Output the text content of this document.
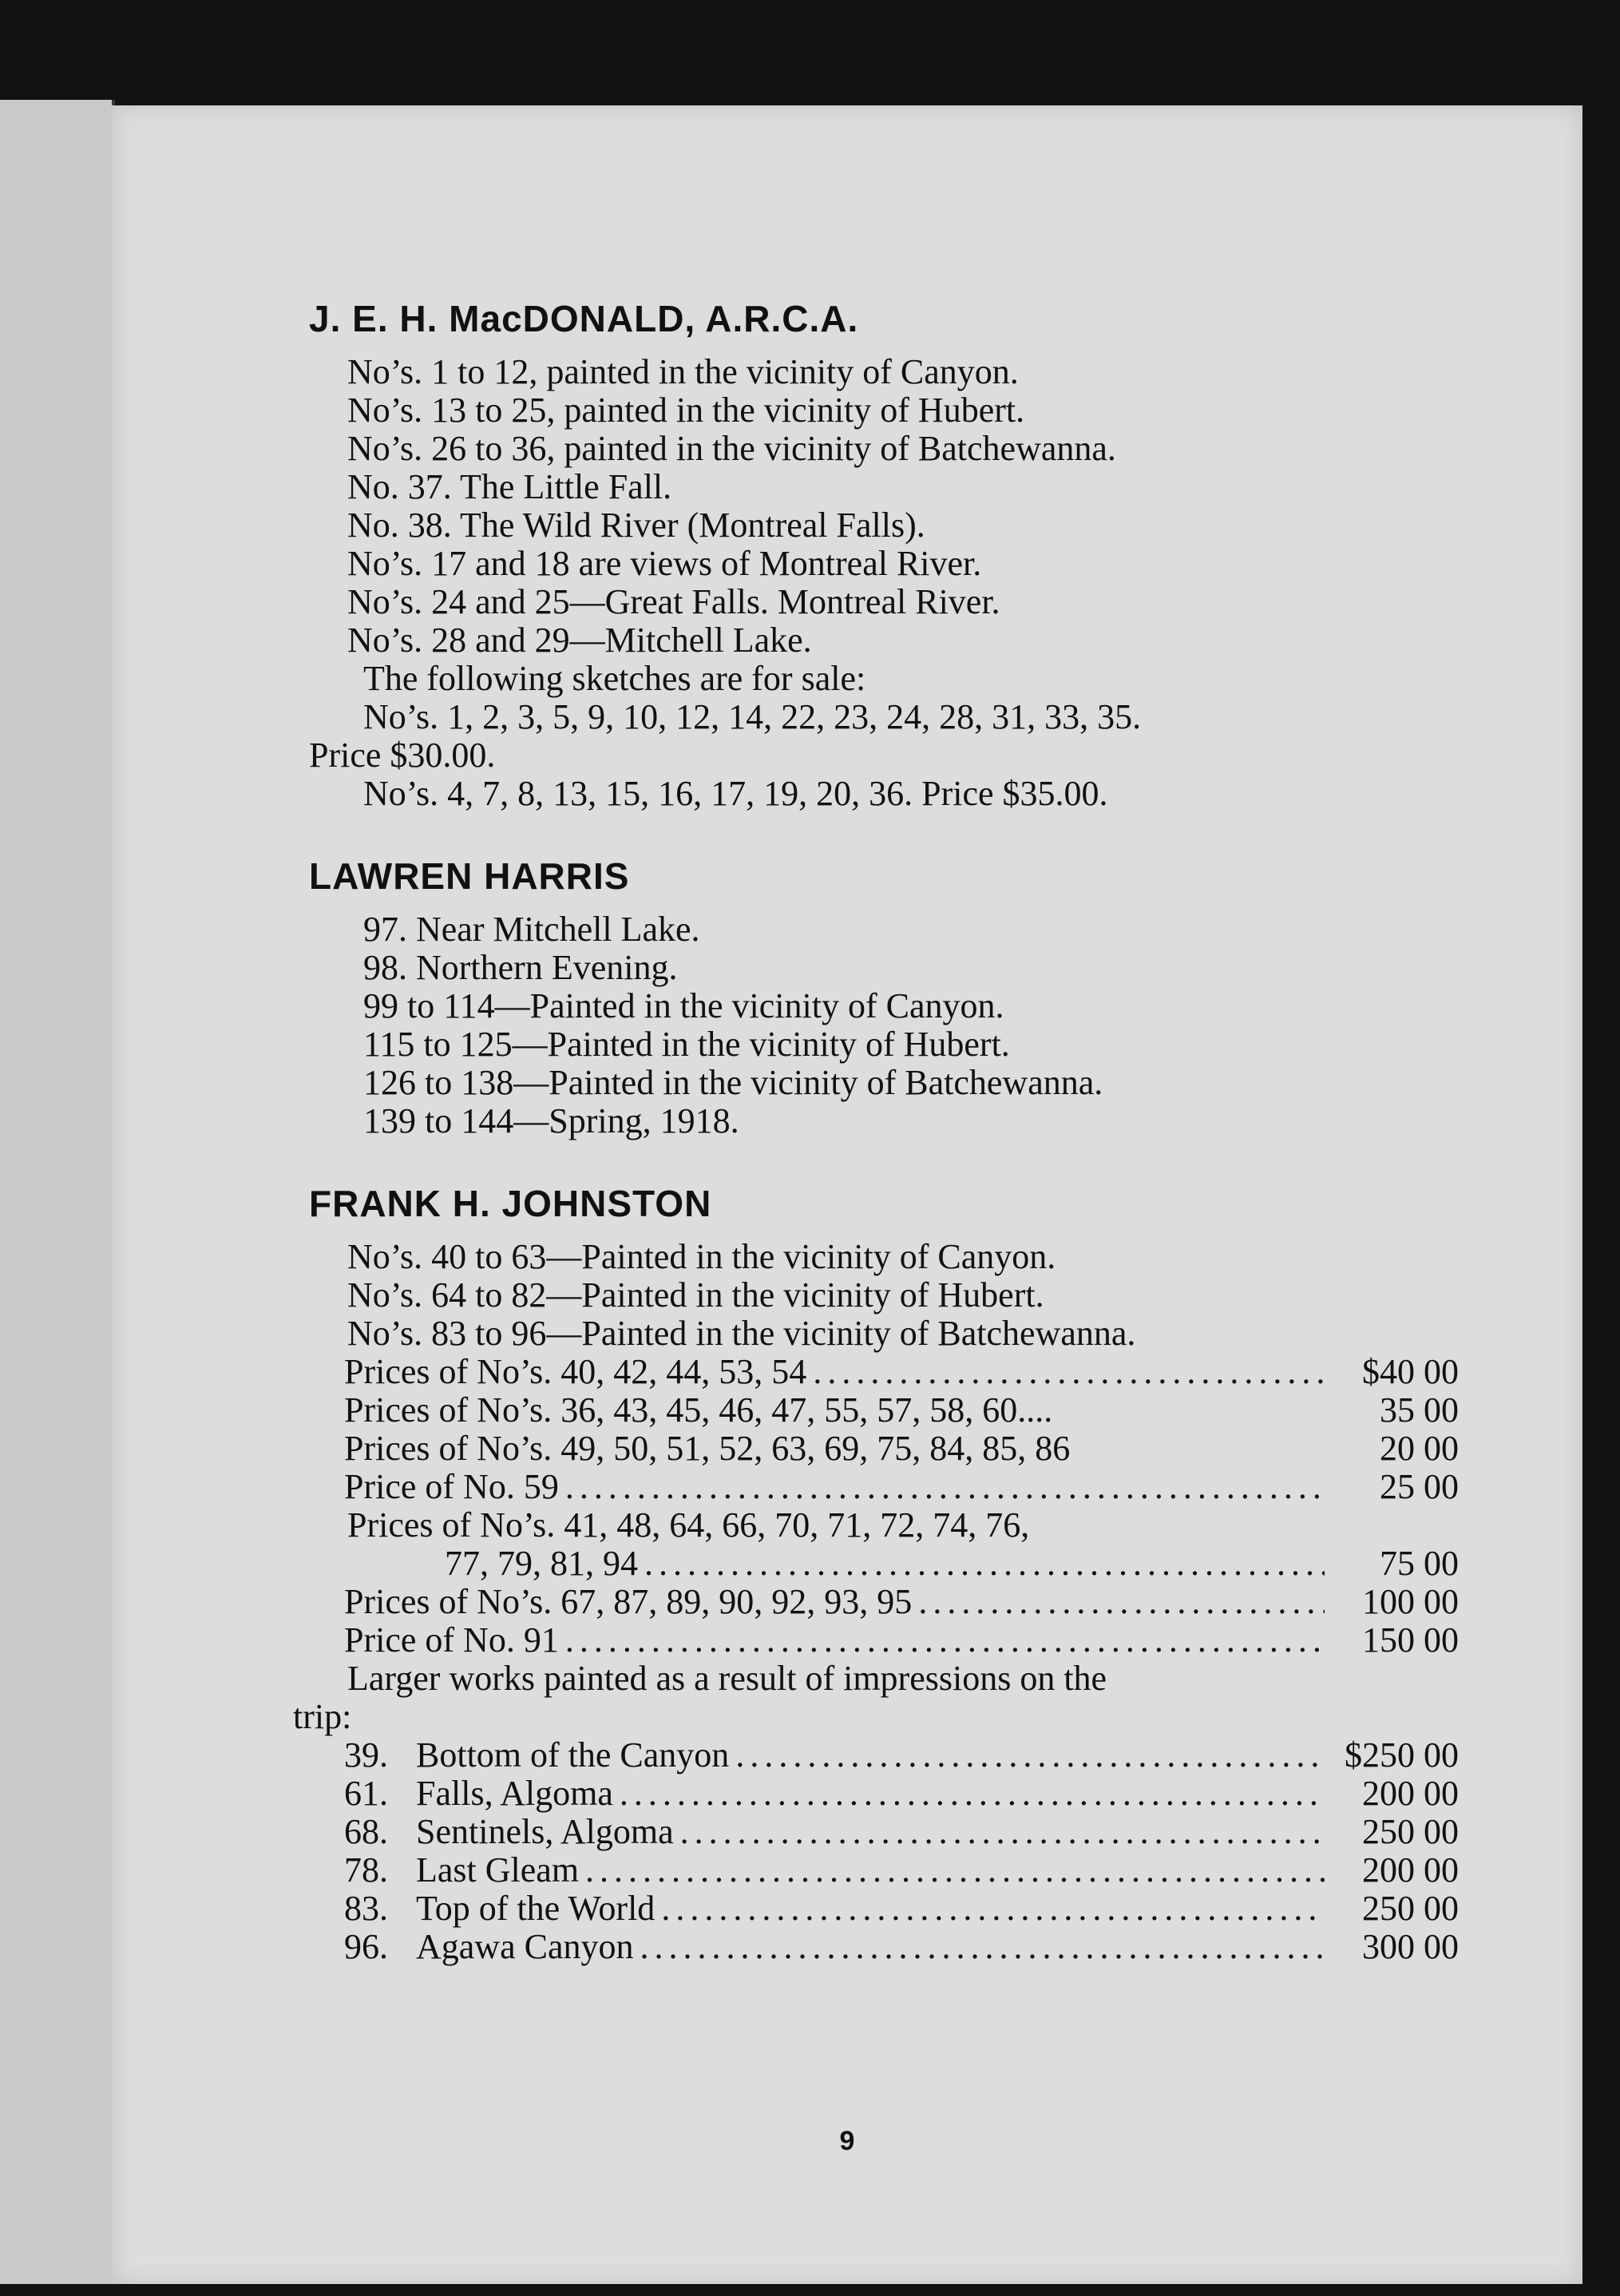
J. E. H. MacDONALD, A.R.C.A.
No’s. 1 to 12, painted in the vicinity of Canyon.
No’s. 13 to 25, painted in the vicinity of Hubert.
No’s. 26 to 36, painted in the vicinity of Batchewanna.
No. 37. The Little Fall.
No. 38. The Wild River (Montreal Falls).
No’s. 17 and 18 are views of Montreal River.
No’s. 24 and 25—Great Falls. Montreal River.
No’s. 28 and 29—Mitchell Lake.
The following sketches are for sale:
No’s. 1, 2, 3, 5, 9, 10, 12, 14, 22, 23, 24, 28, 31, 33, 35.
Price $30.00.
No’s. 4, 7, 8, 13, 15, 16, 17, 19, 20, 36. Price $35.00.
LAWREN HARRIS
97. Near Mitchell Lake.
98. Northern Evening.
99 to 114—Painted in the vicinity of Canyon.
115 to 125—Painted in the vicinity of Hubert.
126 to 138—Painted in the vicinity of Batchewanna.
139 to 144—Spring, 1918.
FRANK H. JOHNSTON
No’s. 40 to 63—Painted in the vicinity of Canyon.
No’s. 64 to 82—Painted in the vicinity of Hubert.
No’s. 83 to 96—Painted in the vicinity of Batchewanna.
Prices of No’s. 40, 42, 44, 53, 54 . . .	$40 00
Prices of No’s. 36, 43, 45, 46, 47, 55, 57, 58, 60....	35 00
Prices of No’s. 49, 50, 51, 52, 63, 69, 75, 84, 85, 86	20 00
Price of No. 59 . . .	25 00
Prices of No’s. 41, 48, 64, 66, 70, 71, 72, 74, 76,
77, 79, 81, 94 . . .	75 00
Prices of No’s. 67, 87, 89, 90, 92, 93, 95 . . .	100 00
Price of No. 91 . . .	150 00
Larger works painted as a result of impressions on the
trip:
39. Bottom of the Canyon . . .	$250 00
61. Falls, Algoma . . .	200 00
68. Sentinels, Algoma . . .	250 00
78. Last Gleam . . .	200 00
83. Top of the World . . .	250 00
96. Agawa Canyon . . .	300 00
9
